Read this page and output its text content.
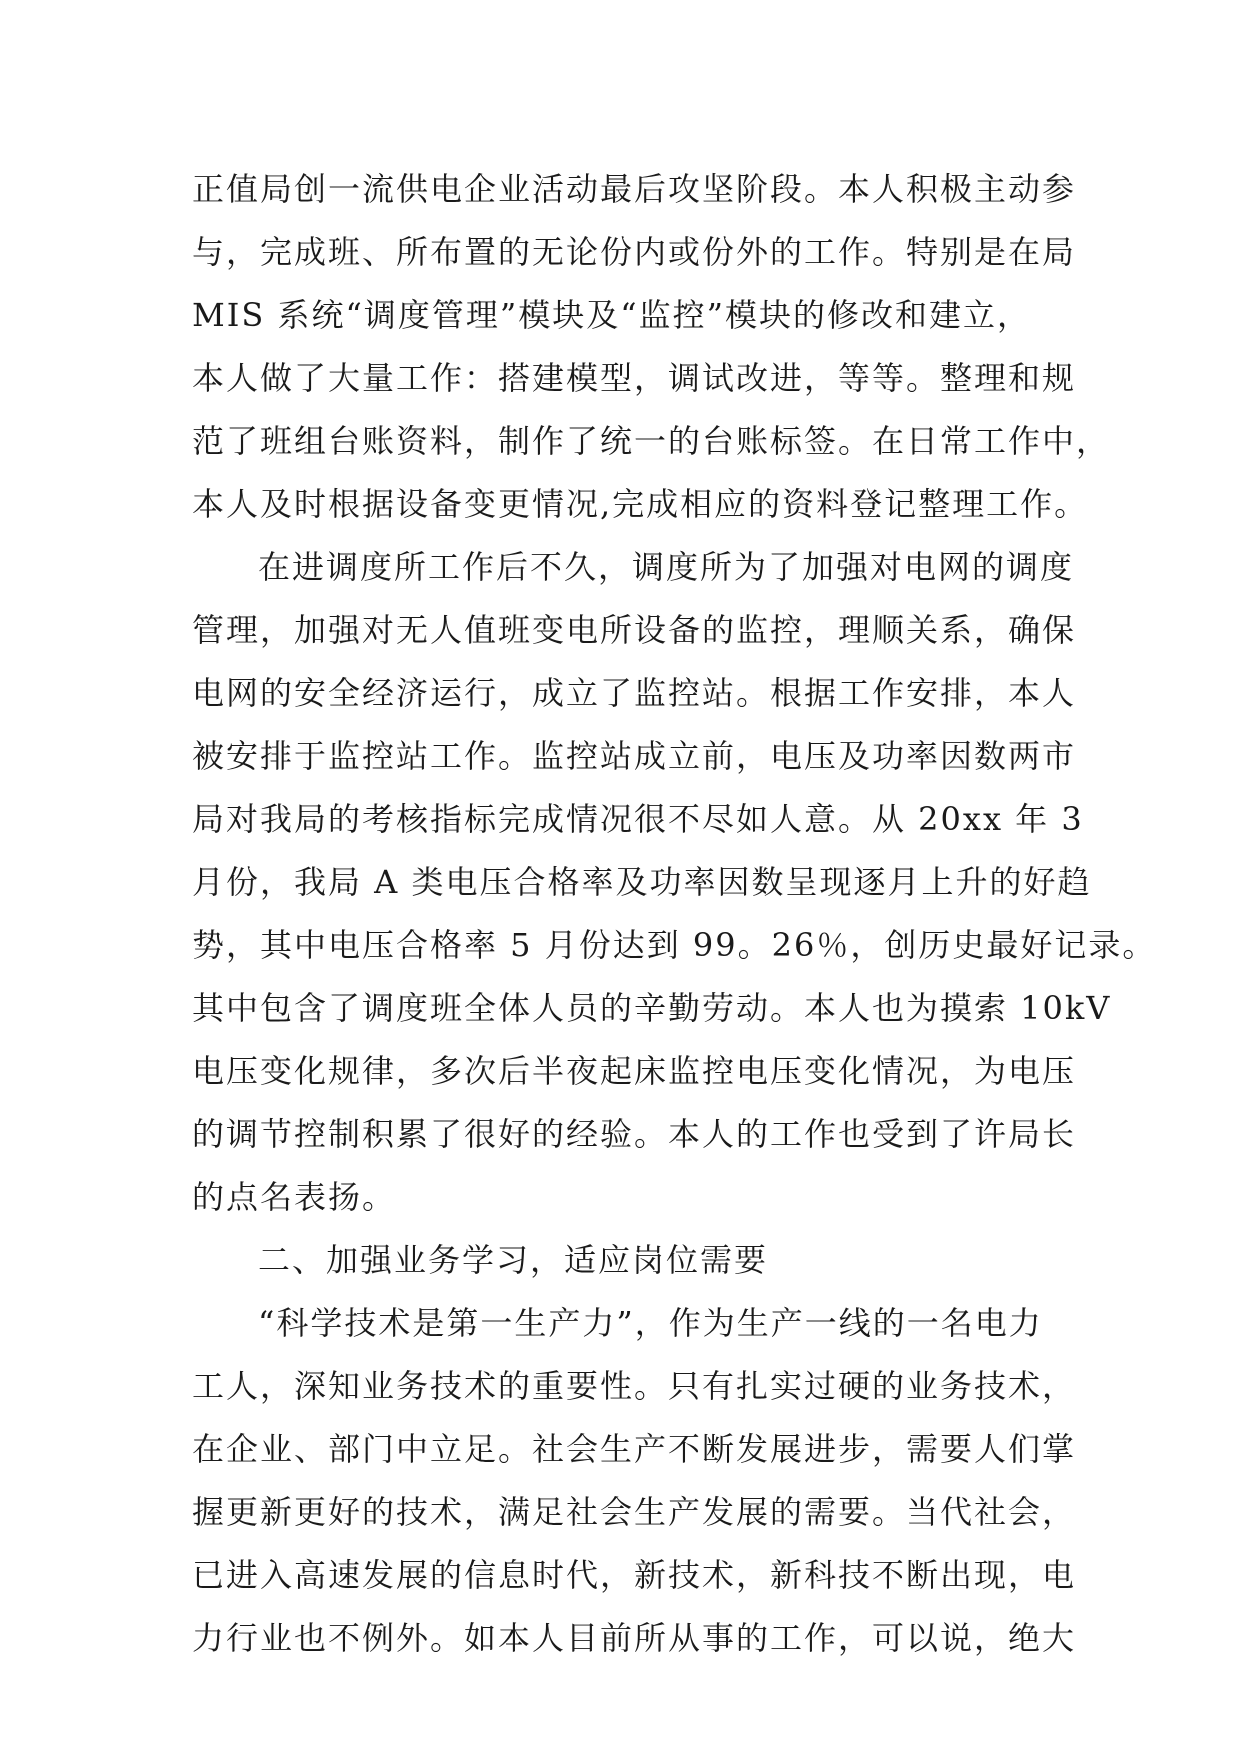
正值局创一流供电企业活动最后攻坚阶段。本人积极主动参
与，完成班、所布置的无论份内或份外的工作。特别是在局
MIS 系统“调度管理”模块及“监控”模块的修改和建立，
本人做了大量工作：搭建模型，调试改进，等等。整理和规
范了班组台账资料，制作了统一的台账标签。在日常工作中，
本人及时根据设备变更情况,完成相应的资料登记整理工作。
在进调度所工作后不久，调度所为了加强对电网的调度
管理，加强对无人值班变电所设备的监控，理顺关系，确保
电网的安全经济运行，成立了监控站。根据工作安排，本人
被安排于监控站工作。监控站成立前，电压及功率因数两市
局对我局的考核指标完成情况很不尽如人意。从 20xx 年 3
月份，我局 A 类电压合格率及功率因数呈现逐月上升的好趋
势，其中电压合格率 5 月份达到 99。26％，创历史最好记录。
其中包含了调度班全体人员的辛勤劳动。本人也为摸索 10kV
电压变化规律，多次后半夜起床监控电压变化情况，为电压
的调节控制积累了很好的经验。本人的工作也受到了许局长
的点名表扬。
二、加强业务学习，适应岗位需要
“科学技术是第一生产力”，作为生产一线的一名电力
工人，深知业务技术的重要性。只有扎实过硬的业务技术，
在企业、部门中立足。社会生产不断发展进步，需要人们掌
握更新更好的技术，满足社会生产发展的需要。当代社会，
已进入高速发展的信息时代，新技术，新科技不断出现，电
力行业也不例外。如本人目前所从事的工作，可以说，绝大
